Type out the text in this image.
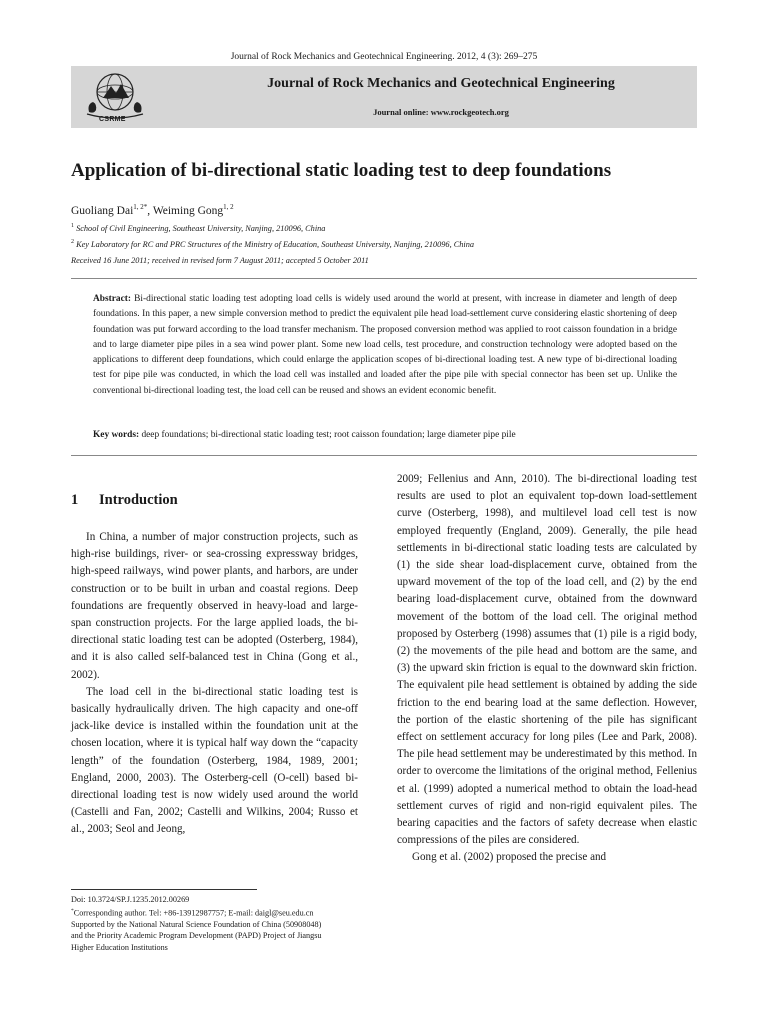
Journal of Rock Mechanics and Geotechnical Engineering. 2012, 4 (3): 269–275
CSRME
Journal of Rock Mechanics and Geotechnical Engineering
Journal online: www.rockgeotech.org
Application of bi-directional static loading test to deep foundations
Guoliang Dai$^{1, 2*}$, Weiming Gong$^{1, 2}$
$^1$ School of Civil Engineering, Southeast University, Nanjing, 210096, China
$^2$ Key Laboratory for RC and PRC Structures of the Ministry of Education, Southeast University, Nanjing, 210096, China
Received 16 June 2011; received in revised form 7 August 2011; accepted 5 October 2011
Abstract: Bi-directional static loading test adopting load cells is widely used around the world at present, with increase in diameter and length of deep foundations. In this paper, a new simple conversion method to predict the equivalent pile head load-settlement curve considering elastic shortening of deep foundation was put forward according to the load transfer mechanism. The proposed conversion method was applied to root caisson foundation in a bridge and to large diameter pipe piles in a sea wind power plant. Some new load cells, test procedure, and construction technology were adopted based on the applications to different deep foundations, which could enlarge the application scopes of bi-directional loading test. A new type of bi-directional loading test for pipe pile was conducted, in which the load cell was installed and loaded after the pipe pile with special connector has been set up. Unlike the conventional bi-directional loading test, the load cell can be reused and shows an evident economic benefit.
Key words: deep foundations; bi-directional static loading test; root caisson foundation; large diameter pipe pile
1 Introduction

In China, a number of major construction projects, such as high-rise buildings, river- or sea-crossing expressway bridges, high-speed railways, wind power plants, and harbors, are under construction or to be built in urban and coastal regions. Deep foundations are frequently observed in heavy-load and large-span construction projects. For the large applied loads, the bi-directional static loading test can be adopted (Osterberg, 1984), and it is also called self-balanced test in China (Gong et al., 2002).

The load cell in the bi-directional static loading test is basically hydraulically driven. The high capacity and one-off jack-like device is installed within the foundation unit at the chosen location, where it is typical half way down the “capacity length” of the foundation (Osterberg, 1984, 1989, 2001; England, 2000, 2003). The Osterberg-cell (O-cell) based bi-directional loading test is now widely used around the world (Castelli and Fan, 2002; Castelli and Wilkins, 2004; Russo et al., 2003; Seol and Jeong,

2009; Fellenius and Ann, 2010). The bi-directional loading test results are used to plot an equivalent top-down load-settlement curve (Osterberg, 1998), and multilevel load cell test is now employed frequently (England, 2009). Generally, the pile head settlements in bi-directional static loading tests are calculated by (1) the side shear load-displacement curve, obtained from the upward movement of the top of the load cell, and (2) by the end bearing load-displacement curve, obtained from the downward movement of the bottom of the load cell. The original method proposed by Osterberg (1998) assumes that (1) pile is a rigid body, (2) the movements of the pile head and bottom are the same, and (3) the upward skin friction is equal to the downward skin friction. The equivalent pile head settlement is obtained by adding the side friction to the end bearing load at the same deflection. However, the portion of the elastic shortening of the pile has significant effect on settlement accuracy for long piles (Lee and Park, 2008). The pile head settlement may be underestimated by this method. In order to overcome the limitations of the original method, Fellenius et al. (1999) adopted a numerical method to obtain the load-head settlement curves of rigid and non-rigid equivalent piles. The bearing capacities and the factors of safety decrease when elastic compressions of the piles are considered.

Gong et al. (2002) proposed the precise and

Doi: 10.3724/SP.J.1235.2012.00269
*Corresponding author. Tel: +86-13912987757; E-mail: daigl@seu.edu.cn
Supported by the National Natural Science Foundation of China (50908048)
and the Priority Academic Program Development (PAPD) Project of Jiangsu
Higher Education Institutions
